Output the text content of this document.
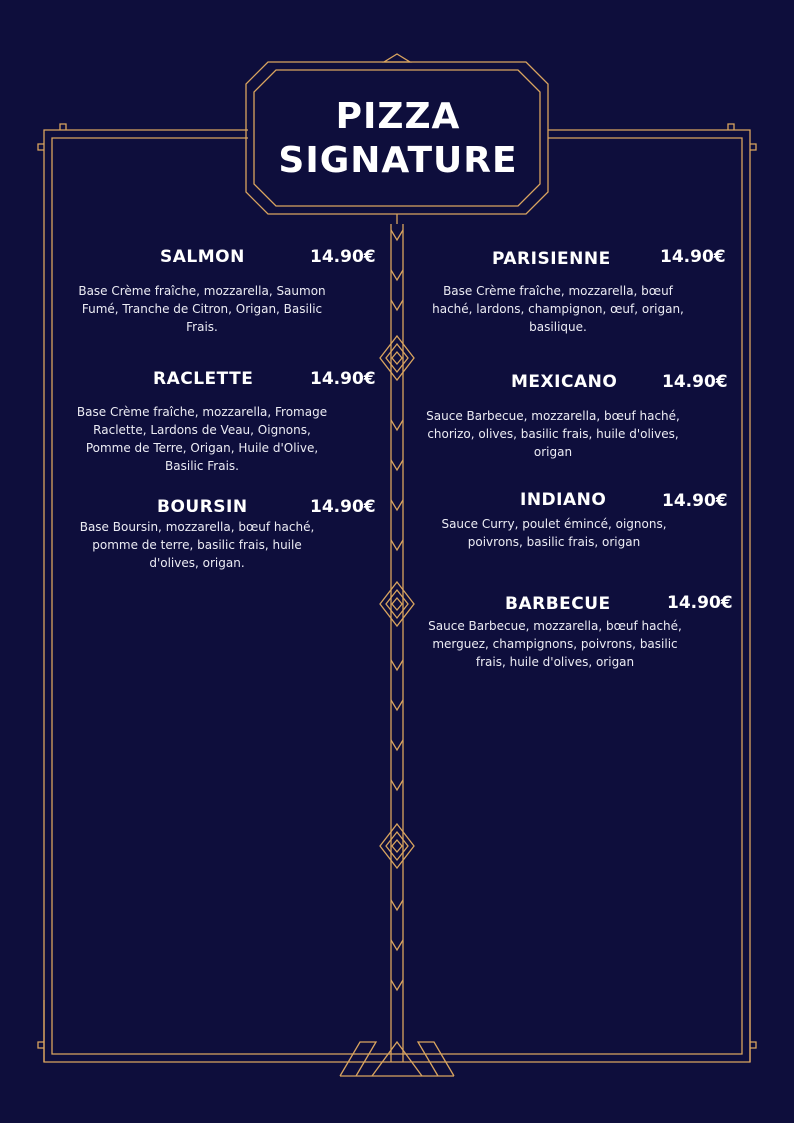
PIZZA
SIGNATURE
SALMON	14.90€
Base Crème fraîche, mozzarella, Saumon Fumé, Tranche de Citron, Origan, Basilic Frais.
RACLETTE	14.90€
Base Crème fraîche, mozzarella, Fromage Raclette, Lardons de Veau, Oignons, Pomme de Terre, Origan, Huile d'Olive, Basilic Frais.
BOURSIN	14.90€
Base Boursin, mozzarella, bœuf haché, pomme de terre, basilic frais, huile d'olives, origan.
PARISIENNE	14.90€
Base Crème fraîche, mozzarella, bœuf haché, lardons, champignon, œuf, origan, basilique.
MEXICANO	14.90€
Sauce Barbecue, mozzarella, bœuf haché, chorizo, olives, basilic frais, huile d'olives, origan
INDIANO	14.90€
Sauce Curry, poulet émincé, oignons, poivrons, basilic frais, origan
BARBECUE	14.90€
Sauce Barbecue, mozzarella, bœuf haché, merguez, champignons, poivrons, basilic frais, huile d'olives, origan
